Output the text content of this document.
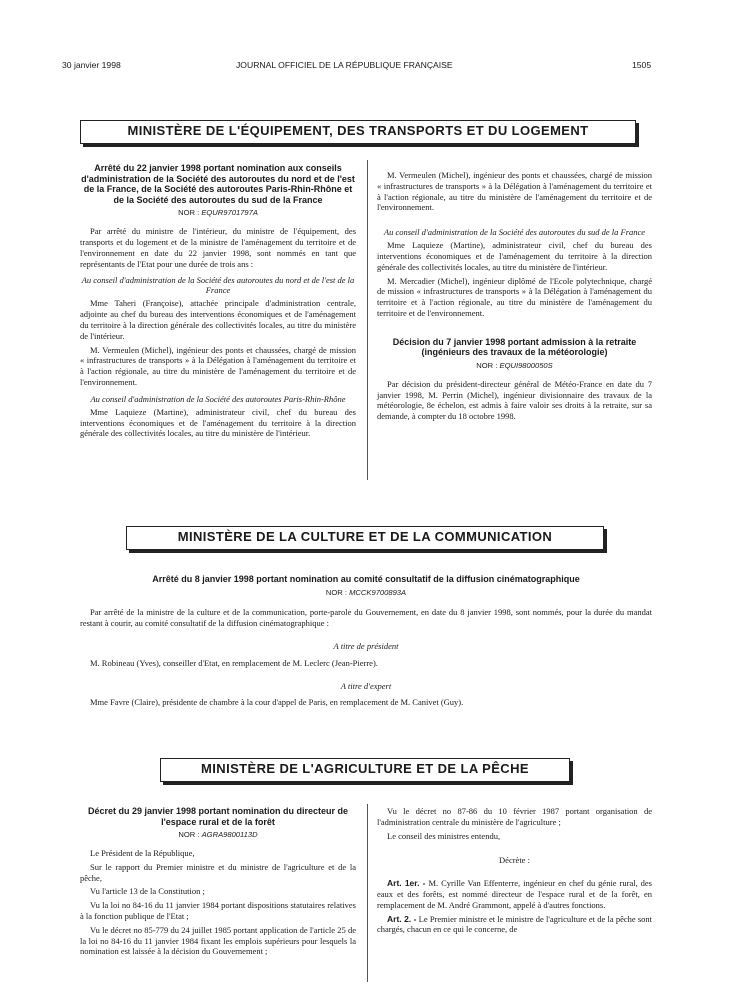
30 janvier 1998	JOURNAL OFFICIEL DE LA RÉPUBLIQUE FRANÇAISE	1505
MINISTÈRE DE L'ÉQUIPEMENT, DES TRANSPORTS ET DU LOGEMENT
Arrêté du 22 janvier 1998 portant nomination aux conseils d'administration de la Société des autoroutes du nord et de l'est de la France, de la Société des autoroutes Paris-Rhin-Rhône et de la Société des autoroutes du sud de la France
NOR : EQUR9701797A

Par arrêté du ministre de l'intérieur, du ministre de l'équipement, des transports et du logement et de la ministre de l'aménagement du territoire et de l'environnement en date du 22 janvier 1998, sont nommés en tant que représentants de l'Etat pour une durée de trois ans :

Au conseil d'administration de la Société des autoroutes du nord et de l'est de la France

Mme Taheri (Françoise), attachée principale d'administration centrale, adjointe au chef du bureau des interventions économiques et de l'aménagement du territoire à la direction générale des collectivités locales, au titre du ministère de l'intérieur.

M. Vermeulen (Michel), ingénieur des ponts et chaussées, chargé de mission « infrastructures de transports » à la Délégation à l'aménagement du territoire et à l'action régionale, au titre du ministère de l'aménagement du territoire et de l'environnement.

Au conseil d'administration de la Société des autoroutes Paris-Rhin-Rhône

Mme Laquieze (Martine), administrateur civil, chef du bureau des interventions économiques et de l'aménagement du territoire à la direction générale des collectivités locales, au titre du ministère de l'intérieur.

M. Vermeulen (Michel), ingénieur des ponts et chaussées, chargé de mission « infrastructures de transports » à la Délégation à l'aménagement du territoire et à l'action régionale, au titre du ministère de l'aménagement du territoire et de l'environnement.

Au conseil d'administration de la Société des autoroutes du sud de la France

Mme Laquieze (Martine), administrateur civil, chef du bureau des interventions économiques et de l'aménagement du territoire à la direction générale des collectivités locales, au titre du ministère de l'intérieur.

M. Mercadier (Michel), ingénieur diplômé de l'Ecole polytechnique, chargé de mission « infrastructures de transports » à la Délégation à l'aménagement du territoire et à l'action régionale, au titre du ministère de l'aménagement du territoire et de l'environnement.

Décision du 7 janvier 1998 portant admission à la retraite (ingénieurs des travaux de la météorologie)
NOR : EQUI9800050S

Par décision du président-directeur général de Météo-France en date du 7 janvier 1998, M. Perrin (Michel), ingénieur divisionnaire des travaux de la météorologie, 8e échelon, est admis à faire valoir ses droits à la retraite, sur sa demande, à compter du 18 octobre 1998.

MINISTÈRE DE LA CULTURE ET DE LA COMMUNICATION
Arrêté du 8 janvier 1998 portant nomination au comité consultatif de la diffusion cinématographique
NOR : MCCK9700893A

Par arrêté de la ministre de la culture et de la communication, porte-parole du Gouvernement, en date du 8 janvier 1998, sont nommés, pour la durée du mandat restant à courir, au comité consultatif de la diffusion cinématographique :

A titre de président

M. Robineau (Yves), conseiller d'Etat, en remplacement de M. Leclerc (Jean-Pierre).

A titre d'expert

Mme Favre (Claire), présidente de chambre à la cour d'appel de Paris, en remplacement de M. Canivet (Guy).

MINISTÈRE DE L'AGRICULTURE ET DE LA PÊCHE
Décret du 29 janvier 1998 portant nomination du directeur de l'espace rural et de la forêt
NOR : AGRA9800113D

Le Président de la République,

Sur le rapport du Premier ministre et du ministre de l'agriculture et de la pêche,

Vu l'article 13 de la Constitution ;

Vu la loi no 84-16 du 11 janvier 1984 portant dispositions statutaires relatives à la fonction publique de l'Etat ;

Vu le décret no 85-779 du 24 juillet 1985 portant application de l'article 25 de la loi no 84-16 du 11 janvier 1984 fixant les emplois supérieurs pour lesquels la nomination est laissée à la décision du Gouvernement ;

Vu le décret no 87-86 du 10 février 1987 portant organisation de l'administration centrale du ministère de l'agriculture ;

Le conseil des ministres entendu,

Décrète :

Art. 1er. - M. Cyrille Van Effenterre, ingénieur en chef du génie rural, des eaux et des forêts, est nommé directeur de l'espace rural et de la forêt, en remplacement de M. André Grammont, appelé à d'autres fonctions.

Art. 2. - Le Premier ministre et le ministre de l'agriculture et de la pêche sont chargés, chacun en ce qui le concerne, de
